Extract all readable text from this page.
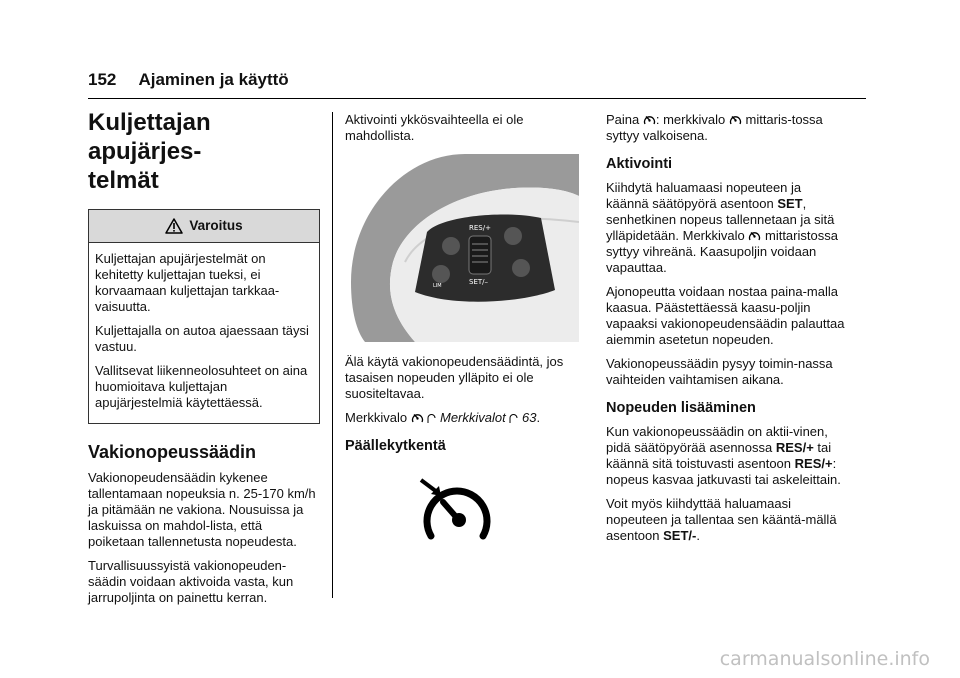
152 Ajaminen ja käyttö
Kuljettajan apujärjes-
telmät
Varoitus

Kuljettajan apujärjestelmät on kehitetty kuljettajan tueksi, ei korvaamaan kuljettajan tarkkaa-vaisuutta.

Kuljettajalla on autoa ajaessaan täysi vastuu.

Vallitsevat liikenneolosuhteet on aina huomioitava kuljettajan apujärjestelmiä käytettäessä.

Vakionopeussäädin

Vakionopeudensäädin kykenee tallentamaan nopeuksia n. 25-170 km/h ja pitämään ne vakiona. Nousuissa ja laskuissa on mahdol-lista, että poiketaan tallennetusta nopeudesta.

Turvallisuussyistä vakionopeuden-säädin voidaan aktivoida vasta, kun jarrupoljinta on painettu kerran.

Aktivointi ykkösvaihteella ei ole mahdollista.

RES/+
SET/–
LIM

Älä käytä vakionopeudensäädintä, jos tasaisen nopeuden ylläpito ei ole suositeltavaa.

Merkkivalo	Merkkivalot 63.

Päällekytkentä

Paina : merkkivalo mittaris-tossa syttyy valkoisena.

Aktivointi

Kiihdytä haluamaasi nopeuteen ja käännä säätöpyörä asentoon SET, senhetkinen nopeus tallennetaan ja sitä ylläpidetään. Merkkivalo mittaristossa syttyy vihreänä. Kaasupoljin voidaan vapauttaa.

Ajonopeutta voidaan nostaa paina-malla kaasua. Päästettäessä kaasu-poljin vapaaksi vakionopeudensäädin palauttaa aiemmin asetetun nopeuden.

Vakionopeussäädin pysyy toimin-nassa vaihteiden vaihtamisen aikana.

Nopeuden lisääminen

Kun vakionopeussäädin on aktii-vinen, pidä säätöpyörää asennossa RES/+ tai käännä sitä toistuvasti asentoon RES/+: nopeus kasvaa jatkuvasti tai askeleittain.

Voit myös kiihdyttää haluamaasi nopeuteen ja tallentaa sen kääntä-mällä asentoon SET/-.

carmanualsonline.info
